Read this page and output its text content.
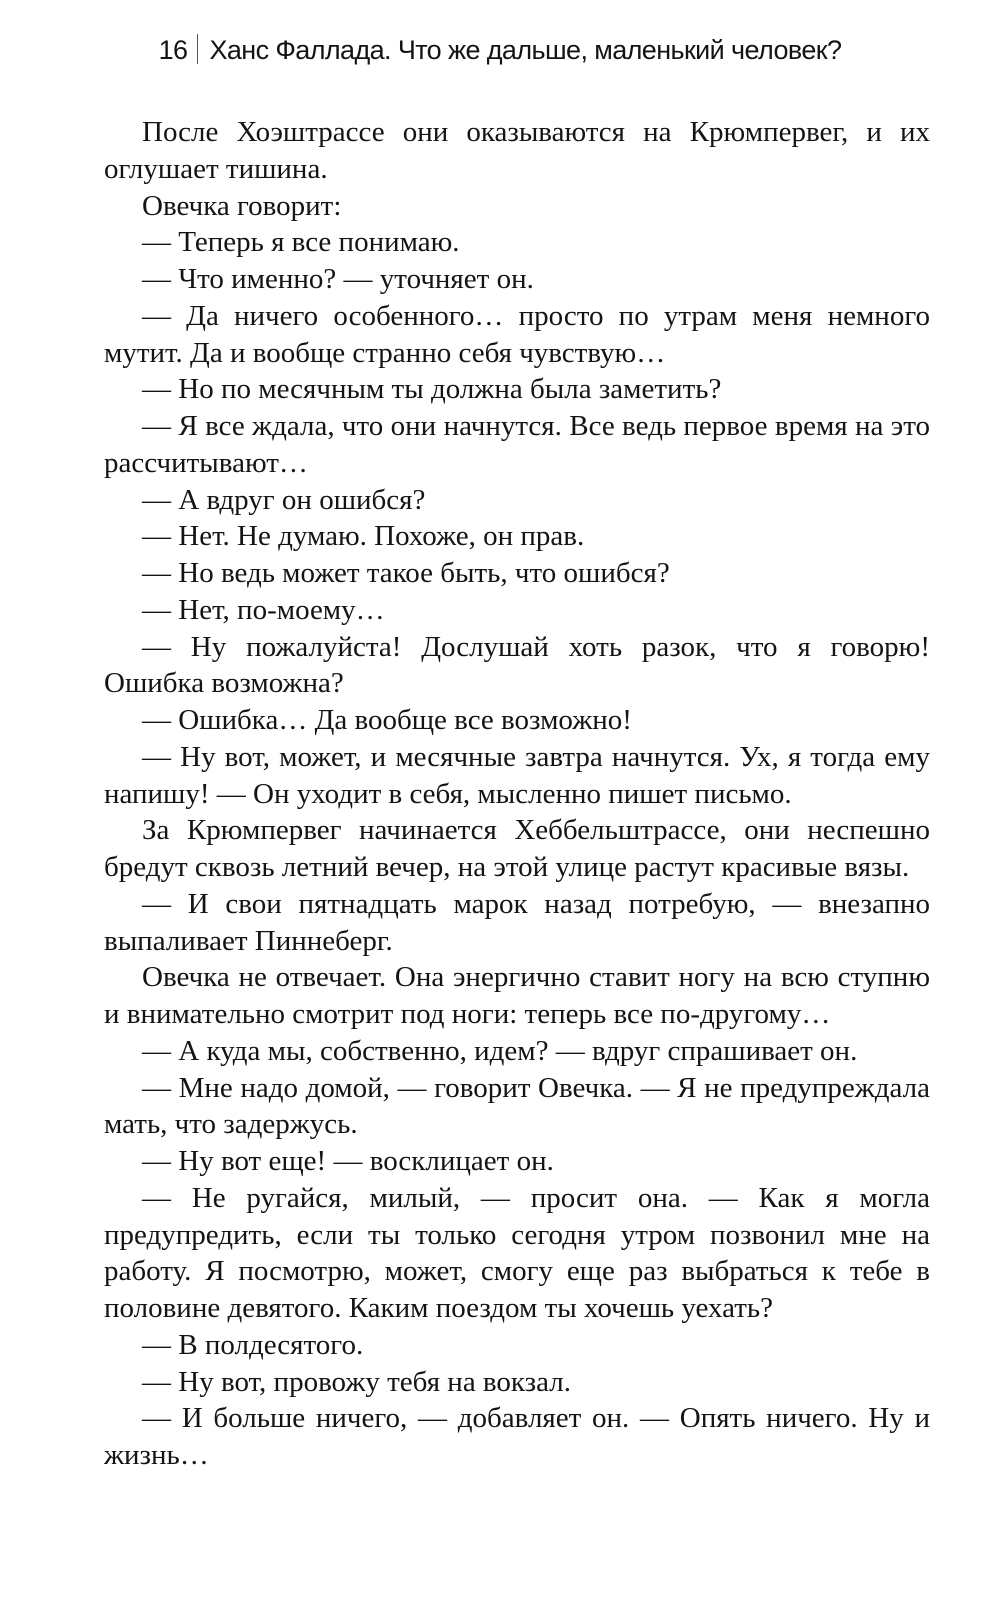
16 Ханс Фаллада. Что же дальше, маленький человек?

После Хоэштрассе они оказываются на Крюмпервег, и их оглушает тишина.

Овечка говорит:

— Теперь я все понимаю.

— Что именно? — уточняет он.

— Да ничего особенного… просто по утрам меня немного мутит. Да и вообще странно себя чувствую…

— Но по месячным ты должна была заметить?

— Я все ждала, что они начнутся. Все ведь первое время на это рассчитывают…

— А вдруг он ошибся?

— Нет. Не думаю. Похоже, он прав.

— Но ведь может такое быть, что ошибся?

— Нет, по-моему…

— Ну пожалуйста! Дослушай хоть разок, что я говорю! Ошибка возможна?

— Ошибка… Да вообще все возможно!

— Ну вот, может, и месячные завтра начнутся. Ух, я тогда ему напишу! — Он уходит в себя, мысленно пишет письмо.

За Крюмпервег начинается Хеббельштрассе, они неспешно бредут сквозь летний вечер, на этой улице растут красивые вязы.

— И свои пятнадцать марок назад потребую, — внезапно выпаливает Пиннеберг.

Овечка не отвечает. Она энергично ставит ногу на всю ступню и внимательно смотрит под ноги: теперь все по-другому…

— А куда мы, собственно, идем? — вдруг спрашивает он.

— Мне надо домой, — говорит Овечка. — Я не предупреждала мать, что задержусь.

— Ну вот еще! — восклицает он.

— Не ругайся, милый, — просит она. — Как я могла предупредить, если ты только сегодня утром позвонил мне на работу. Я посмотрю, может, смогу еще раз выбраться к тебе в половине девятого. Каким поездом ты хочешь уехать?

— В полдесятого.

— Ну вот, провожу тебя на вокзал.

— И больше ничего, — добавляет он. — Опять ничего. Ну и жизнь…
